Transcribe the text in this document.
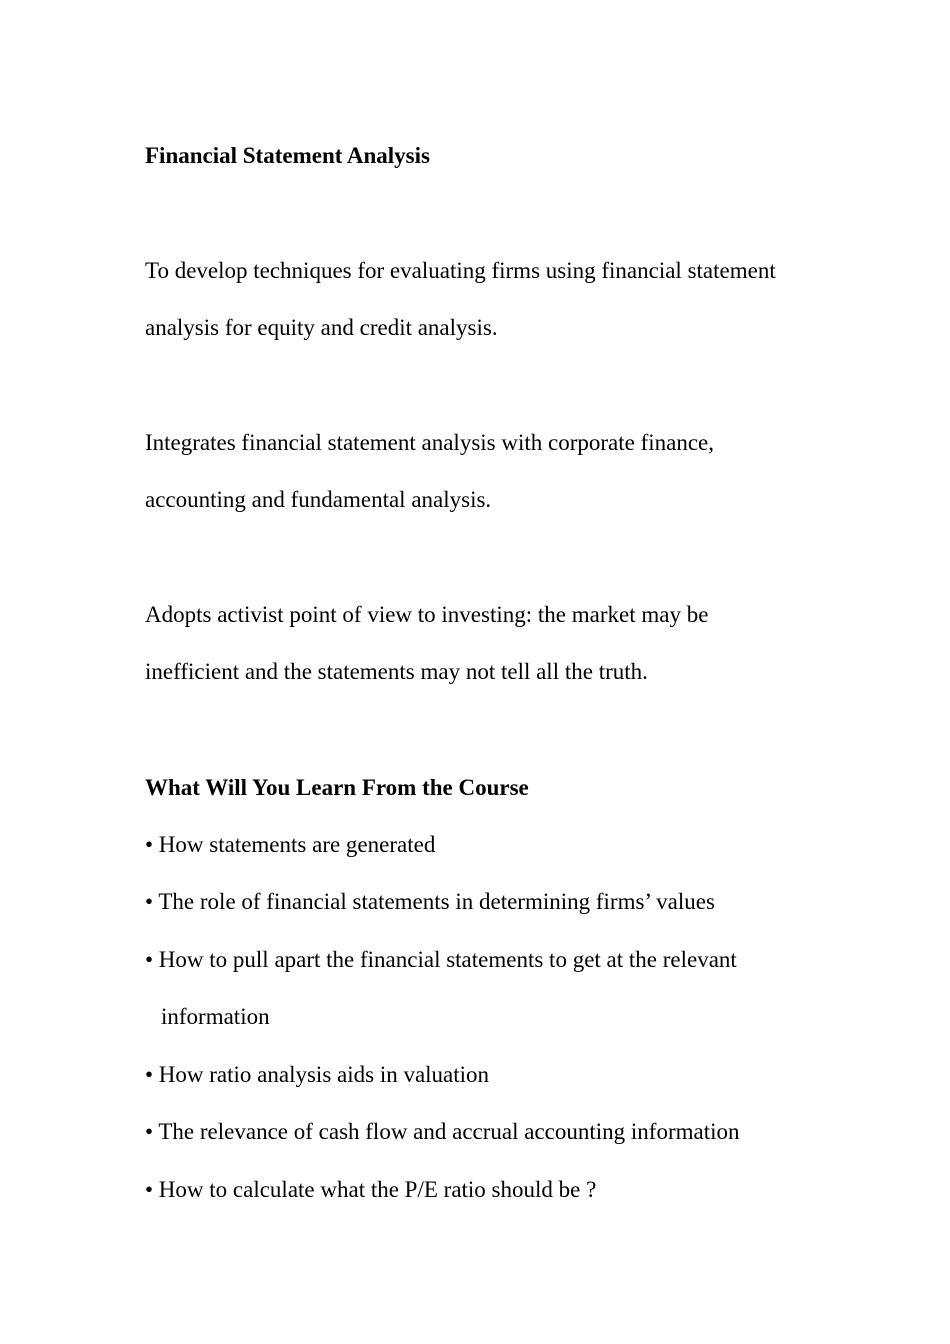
Financial Statement Analysis

To develop techniques for evaluating firms using financial statement

analysis for equity and credit analysis.

Integrates financial statement analysis with corporate finance,

accounting and fundamental analysis.

Adopts activist point of view to investing: the market may be

inefficient and the statements may not tell all the truth.

What Will You Learn From the Course

• How statements are generated

• The role of financial statements in determining firms’ values

• How to pull apart the financial statements to get at the relevant

information

• How ratio analysis aids in valuation

• The relevance of cash flow and accrual accounting information

• How to calculate what the P/E ratio should be ?
